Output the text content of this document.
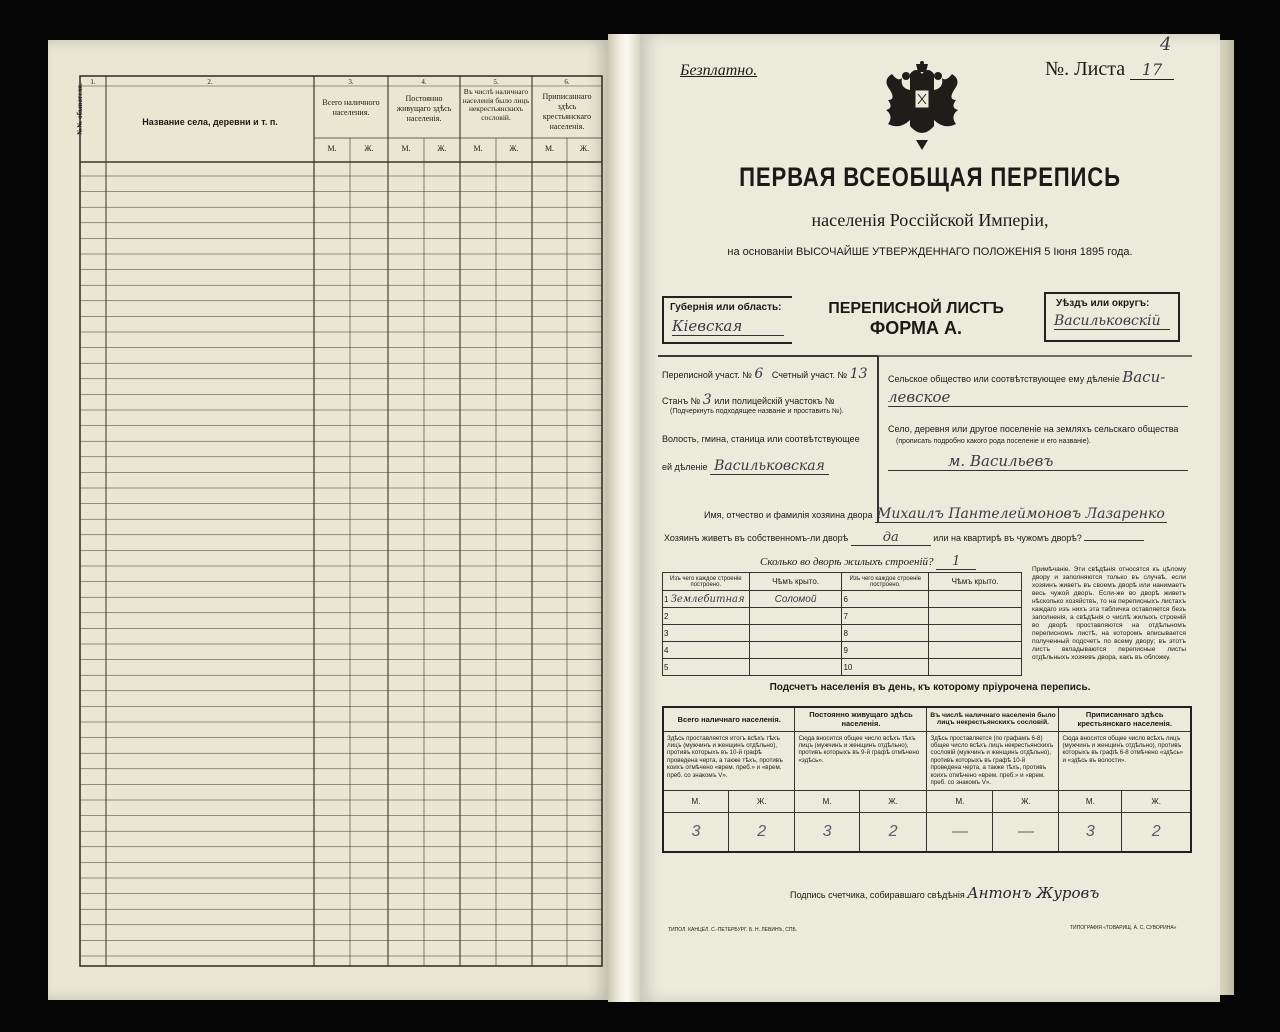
1.	2.	3.	4.	5.	6.
№№ обывателя.	Название села, деревни и т. п.
Всего наличного населения.
Постоянно живущаго здѣсь населенія.
Въ числѣ наличнаго населенія было лицъ некрестьянскихъ сословій.
Приписаннаго здѣсь крестьянскаго населенія.
М.	Ж.	М.	Ж.	М.	Ж.	М.	Ж.
Безплатно.	№. Листа 17
4
ПЕРВАЯ ВСЕОБЩАЯ ПЕРЕПИСЬ
населенія Россійской Имперіи,
на основаніи ВЫСОЧАЙШЕ УТВЕРЖДЕННАГО ПОЛОЖЕНІЯ 5 Іюня 1895 года.
Губернія или область:
Кіевская
ПЕРЕПИСНОЙ ЛИСТЪ
ФОРМА А.
Уѣздъ или округъ:
Васильковскій
Переписной участ. № 6 Счетный участ. № 13
Станъ № 3 или полицейскій участокъ №
(Подчеркнуть подходящее названіе и проставить №).
Волость, гмина, станица или соотвѣтствующее
ей дѣленіе Васильковская
Сельское общество или соотвѣтствующее ему дѣленіе Васи-
левское
Село, деревня или другое поселеніе на земляхъ сельскаго общества
(прописать подробно какого рода поселеніе и его названіе).
м. Васильевъ
Имя, отчество и фамилія хозяина двора Михаилъ Пантелеймоновъ Лазаренко
Хозяинъ живетъ въ собственномъ-ли дворѣ	да	или на квартирѣ въ чужомъ дворѣ?
Сколько во дворѣ жилыхъ строеній? 1
Изъ чего каждое строеніе построено.	Чѣмъ крыто.	Изъ чего каждое строеніе построено.	Чѣмъ крыто.
1 Землебитная	Соломой	6	
2		7	
3		8	
4		9	
5		10	
Примѣчаніе. Эти свѣдѣнія относятся къ цѣлому двору и заполняются только въ случаѣ, если хозяинъ живетъ въ своемъ дворѣ или нанимаетъ весь чужой дворъ. Если-же во дворѣ живетъ нѣсколько хозяйствъ, то на переписныхъ листахъ каждаго изъ нихъ эта табличка оставляется безъ заполненія, а свѣдѣнія о числѣ жилыхъ строеній во дворѣ проставляются на отдѣльномъ переписномъ листѣ, на которомъ вписывается полученный подсчетъ по всему двору; въ этотъ листъ вкладываются переписные листы отдѣльныхъ хозяевъ двора, какъ въ обложку.
Подсчетъ населенія въ день, къ которому пріурочена перепись.
Всего наличнаго населенія.		Постоянно живущаго здѣсь населенія.		Въ числѣ наличнаго населенія было лицъ некрестьянскихъ сословій.		Приписаннаго здѣсь крестьянскаго населенія.	
Здѣсь проставляется итогъ всѣхъ тѣхъ лицъ (мужчинъ и женщинъ отдѣльно), противъ которыхъ въ 10-й графѣ проведена черта, а также тѣхъ, противъ коихъ отмѣчено «врем. преб.» и «врем. преб. со знакомъ V».		Сюда вносится общее число всѣхъ тѣхъ лицъ (мужчинъ и женщинъ отдѣльно), противъ которыхъ въ 9-й графѣ отмѣчено «здѣсь».		Здѣсь проставляется (по графамъ 6-8) общее число всѣхъ лицъ некрестьянскихъ сословій (мужчинъ и женщинъ отдѣльно), противъ которыхъ въ графѣ 10-й проведена черта, а также тѣхъ, противъ коихъ отмѣчено «врем. преб.» и «врем. преб. со знакомъ V».		Сюда вносится общее число всѣхъ лицъ (мужчинъ и женщинъ отдѣльно), противъ которыхъ въ графѣ 6-8 отмѣчено «здѣсь» и «здѣсь въ волости».	
М.	Ж.	М.	Ж.	М.	Ж.	М.	Ж.
3	2	3	2	—	—	3	2
Подпись счетчика, собиравшаго свѣдѣнія Антонъ Журовъ
ТИПОЛ. КАНЦЕЛ. С.-ПЕТЕРБУРГ. Б. Н. ЛЕВИНЪ, СПБ.	ТИПОГРАФІЯ «ТОВАРИЩ. А. С. СУВОРИНА»
